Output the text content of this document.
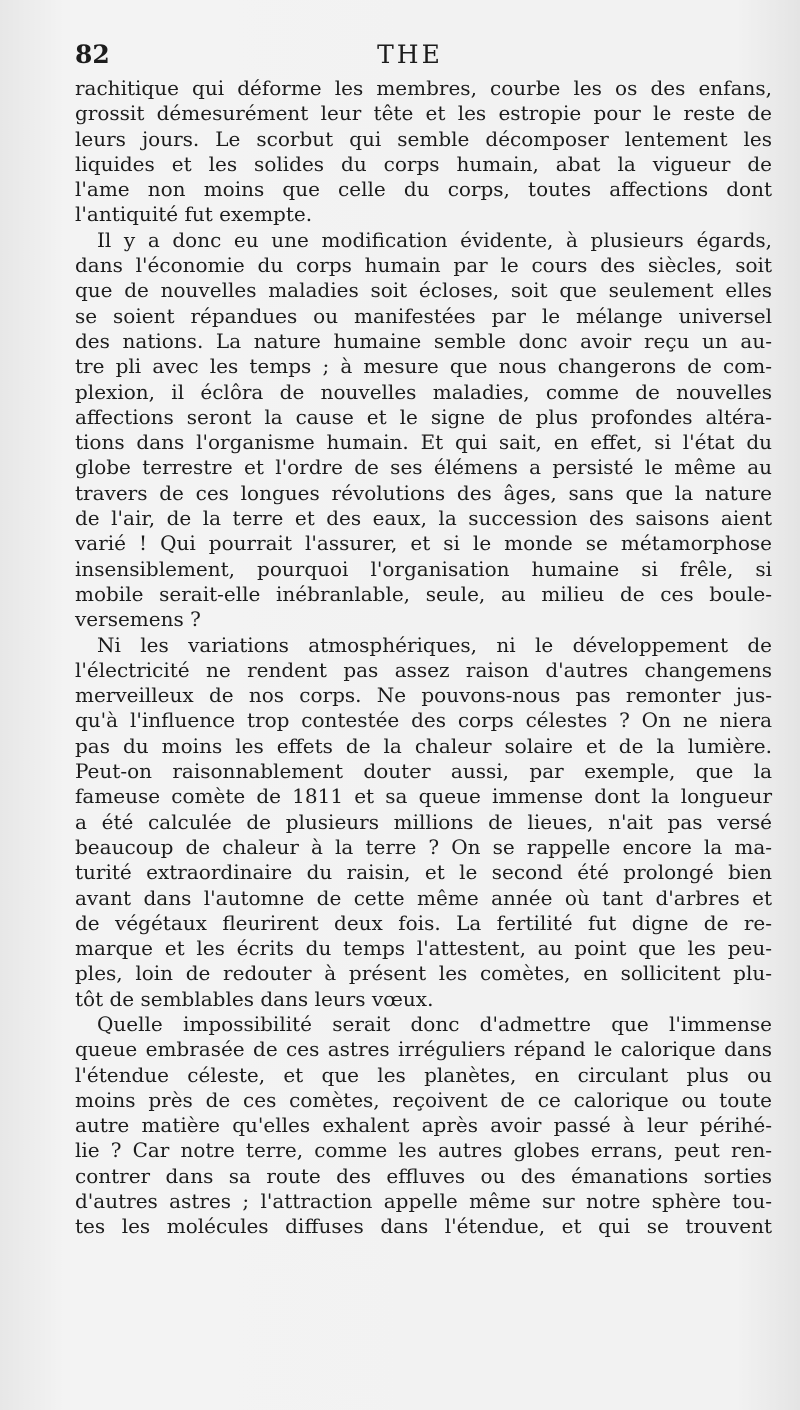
82	THE
rachitique qui déforme les membres, courbe les os des enfans,
grossit démesurément leur tête et les estropie pour le reste de
leurs jours. Le scorbut qui semble décomposer lentement les
liquides et les solides du corps humain, abat la vigueur de
l'ame non moins que celle du corps, toutes affections dont
l'antiquité fut exempte.
Il y a donc eu une modification évidente, à plusieurs égards,
dans l'économie du corps humain par le cours des siècles, soit
que de nouvelles maladies soit écloses, soit que seulement elles
se soient répandues ou manifestées par le mélange universel
des nations. La nature humaine semble donc avoir reçu un au-
tre pli avec les temps ; à mesure que nous changerons de com-
plexion, il éclôra de nouvelles maladies, comme de nouvelles
affections seront la cause et le signe de plus profondes altéra-
tions dans l'organisme humain. Et qui sait, en effet, si l'état du
globe terrestre et l'ordre de ses élémens a persisté le même au
travers de ces longues révolutions des âges, sans que la nature
de l'air, de la terre et des eaux, la succession des saisons aient
varié ! Qui pourrait l'assurer, et si le monde se métamorphose
insensiblement, pourquoi l'organisation humaine si frêle, si
mobile serait-elle inébranlable, seule, au milieu de ces boule-
versemens ?
Ni les variations atmosphériques, ni le développement de
l'électricité ne rendent pas assez raison d'autres changemens
merveilleux de nos corps. Ne pouvons-nous pas remonter jus-
qu'à l'influence trop contestée des corps célestes ? On ne niera
pas du moins les effets de la chaleur solaire et de la lumière.
Peut-on raisonnablement douter aussi, par exemple, que la
fameuse comète de 1811 et sa queue immense dont la longueur
a été calculée de plusieurs millions de lieues, n'ait pas versé
beaucoup de chaleur à la terre ? On se rappelle encore la ma-
turité extraordinaire du raisin, et le second été prolongé bien
avant dans l'automne de cette même année où tant d'arbres et
de végétaux fleurirent deux fois. La fertilité fut digne de re-
marque et les écrits du temps l'attestent, au point que les peu-
ples, loin de redouter à présent les comètes, en sollicitent plu-
tôt de semblables dans leurs vœux.
Quelle impossibilité serait donc d'admettre que l'immense
queue embrasée de ces astres irréguliers répand le calorique dans
l'étendue céleste, et que les planètes, en circulant plus ou
moins près de ces comètes, reçoivent de ce calorique ou toute
autre matière qu'elles exhalent après avoir passé à leur périhé-
lie ? Car notre terre, comme les autres globes errans, peut ren-
contrer dans sa route des effluves ou des émanations sorties
d'autres astres ; l'attraction appelle même sur notre sphère tou-
tes les molécules diffuses dans l'étendue, et qui se trouvent
